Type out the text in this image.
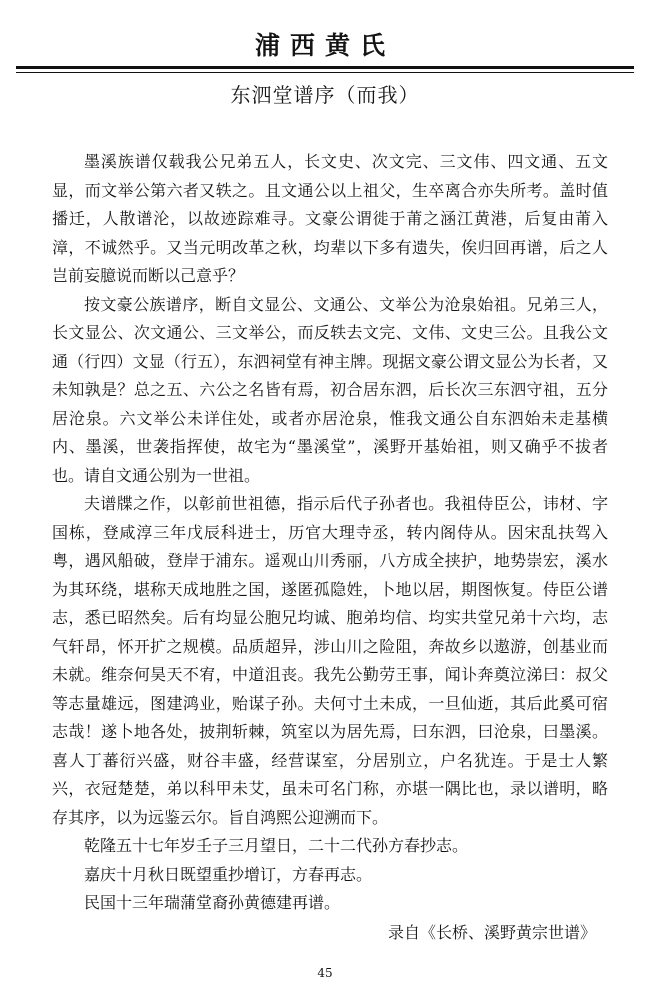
浦西黄氏
东泗堂谱序（而我）

墨溪族谱仅载我公兄弟五人，长文史、次文完、三文伟、四文通、五文显，而文举公第六者又轶之。且文通公以上祖父，生卒离合亦失所考。盖时值播迁，人散谱沦，以故迹踪难寻。文豪公谓徙于莆之涵江黄港，后复由莆入漳，不诚然乎。又当元明改革之秋，均辈以下多有遗失，俟归回再谱，后之人岂前妄臆说而断以己意乎？

按文豪公族谱序，断自文显公、文通公、文举公为沧泉始祖。兄弟三人，长文显公、次文通公、三文举公，而反轶去文完、文伟、文史三公。且我公文通（行四）文显（行五），东泗祠堂有神主牌。现据文豪公谓文显公为长者，又未知孰是？总之五、六公之名皆有焉，初合居东泗，后长次三东泗守祖，五分居沧泉。六文举公未详住处，或者亦居沧泉，惟我文通公自东泗始未走基横内、墨溪，世袭指挥使，故宅为“墨溪堂”，溪野开基始祖，则又确乎不拔者也。请自文通公别为一世祖。

夫谱牒之作，以彰前世祖德，指示后代子孙者也。我祖侍臣公，讳材、字国栋，登咸淳三年戊辰科进士，历官大理寺丞，转内阁侍从。因宋乱扶驾入粤，遇风船破，登岸于浦东。遥观山川秀丽，八方成全挟护，地势崇宏，溪水为其环绕，堪称天成地胜之国，遂匿孤隐姓，卜地以居，期图恢复。侍臣公谱志，悉已昭然矣。后有均显公胞兄均诚、胞弟均信、均实共堂兄弟十六均，志气轩昂，怀开扩之规模。品质超异，涉山川之险阻，奔故乡以遨游，创基业而未就。维奈何昊天不宥，中道沮丧。我先公勤劳王事，闻讣奔奠泣涕曰：叔父等志量雄远，图建鸿业，贻谋子孙。夫何寸土未成，一旦仙逝，其后此奚可宿志哉！遂卜地各处，披荆斩棘，筑室以为居先焉，曰东泗，曰沧泉，曰墨溪。喜人丁蕃衍兴盛，财谷丰盛，经营谋室，分居别立，户名犹连。于是士人繁兴，衣冠楚楚，弟以科甲未艾，虽未可名门称，亦堪一隅比也，录以谱明，略存其序，以为远鉴云尔。旨自鸿熙公迎溯而下。

乾隆五十七年岁壬子三月望日，二十二代孙方春抄志。

嘉庆十月秋日既望重抄增订，方春再志。

民国十三年瑞蒲堂裔孙黄德建再谱。

录自《长桥、溪野黄宗世谱》

45
